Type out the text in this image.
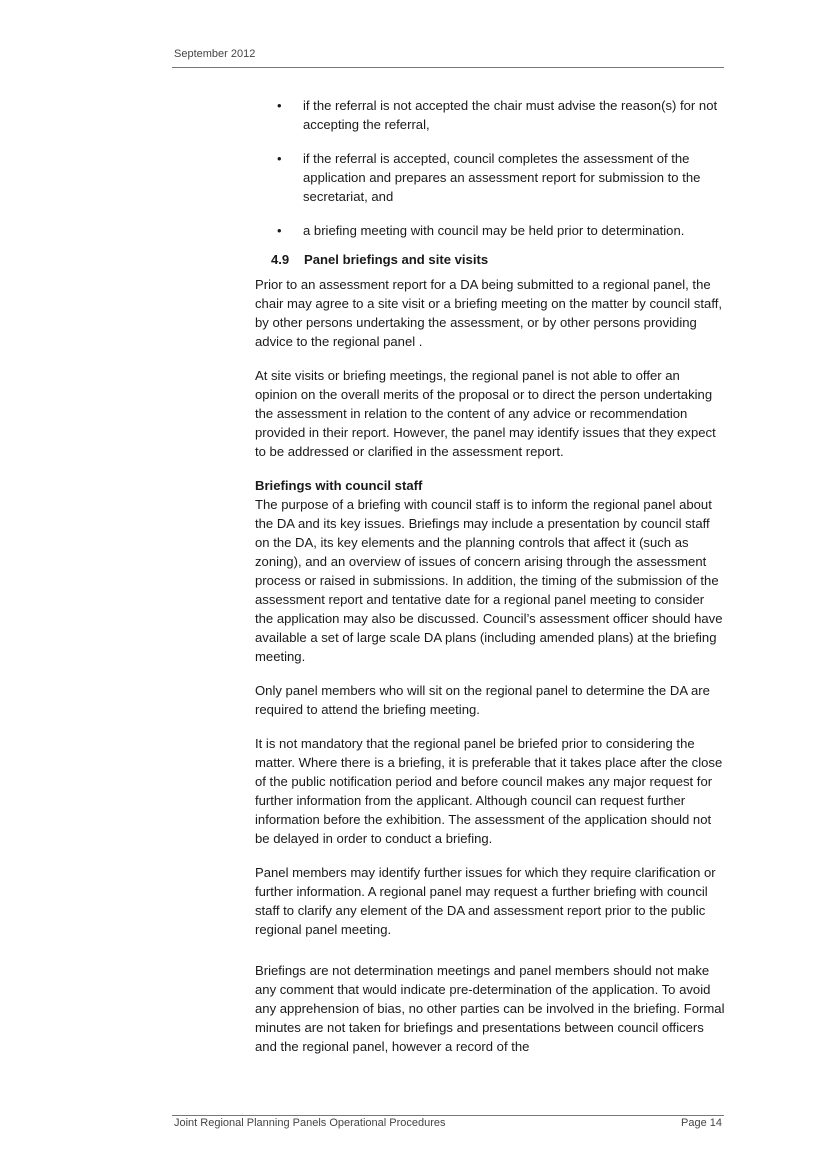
September 2012
• if the referral is not accepted the chair must advise the reason(s) for not accepting the referral,
• if the referral is accepted, council completes the assessment of the application and prepares an assessment report for submission to the secretariat, and
• a briefing meeting with council may be held prior to determination.
4.9 Panel briefings and site visits

Prior to an assessment report for a DA being submitted to a regional panel, the chair may agree to a site visit or a briefing meeting on the matter by council staff, by other persons undertaking the assessment, or by other persons providing advice to the regional panel .

At site visits or briefing meetings, the regional panel is not able to offer an opinion on the overall merits of the proposal or to direct the person undertaking the assessment in relation to the content of any advice or recommendation provided in their report. However, the panel may identify issues that they expect to be addressed or clarified in the assessment report.

Briefings with council staff
The purpose of a briefing with council staff is to inform the regional panel about the DA and its key issues. Briefings may include a presentation by council staff on the DA, its key elements and the planning controls that affect it (such as zoning), and an overview of issues of concern arising through the assessment process or raised in submissions. In addition, the timing of the submission of the assessment report and tentative date for a regional panel meeting to consider the application may also be discussed. Council’s assessment officer should have available a set of large scale DA plans (including amended plans) at the briefing meeting.

Only panel members who will sit on the regional panel to determine the DA are required to attend the briefing meeting.

It is not mandatory that the regional panel be briefed prior to considering the matter. Where there is a briefing, it is preferable that it takes place after the close of the public notification period and before council makes any major request for further information from the applicant. Although council can request further information before the exhibition. The assessment of the application should not be delayed in order to conduct a briefing.

Panel members may identify further issues for which they require clarification or further information. A regional panel may request a further briefing with council staff to clarify any element of the DA and assessment report prior to the public regional panel meeting.

Briefings are not determination meetings and panel members should not make any comment that would indicate pre-determination of the application. To avoid any apprehension of bias, no other parties can be involved in the briefing. Formal minutes are not taken for briefings and presentations between council officers and the regional panel, however a record of the

Joint Regional Planning Panels Operational Procedures	Page 14
